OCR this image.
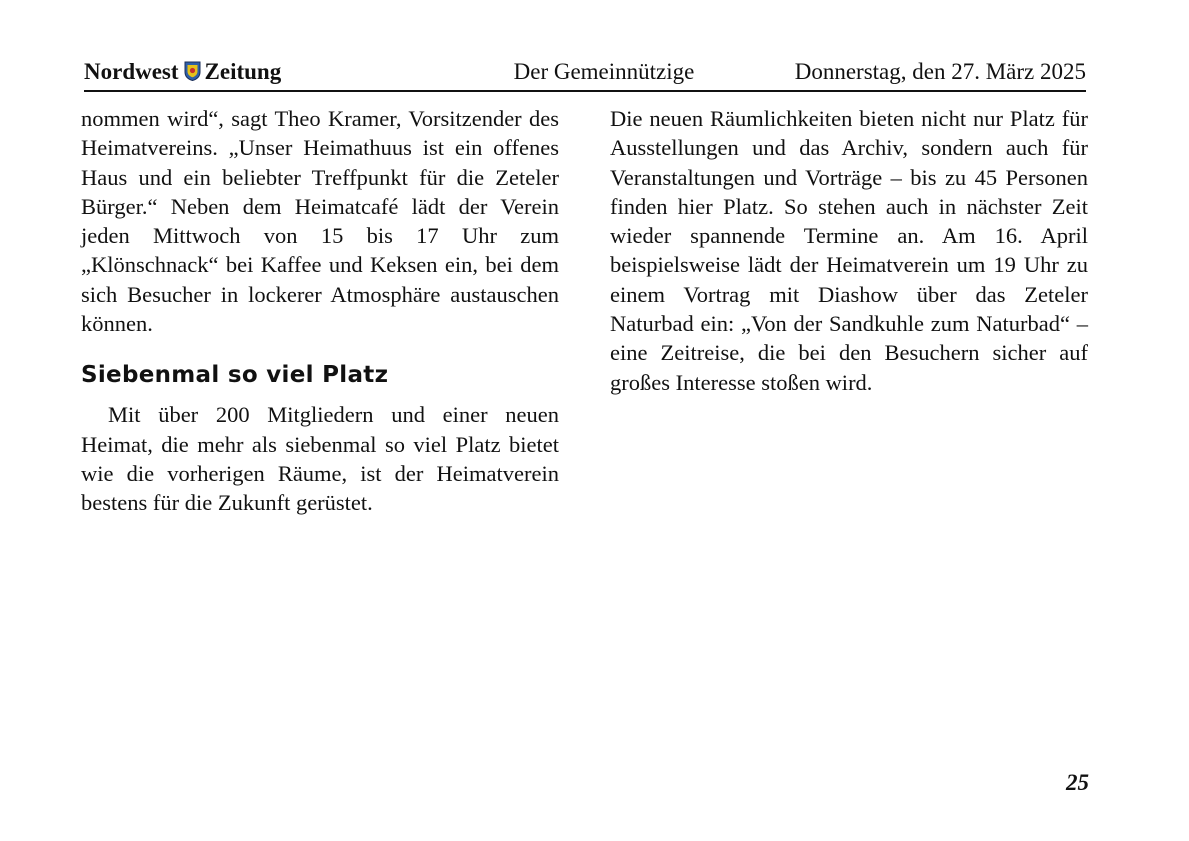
Nordwest Zeitung	Der Gemeinnützige	Donnerstag, den 27. März 2025

nommen wird“, sagt Theo Kramer, Vorsitzender des Heimatvereins. „Unser Heimathuus ist ein offenes Haus und ein beliebter Treffpunkt für die Zeteler Bürger.“ Neben dem Heimatcafé lädt der Verein jeden Mittwoch von 15 bis 17 Uhr zum „Klönschnack“ bei Kaffee und Keksen ein, bei dem sich Besucher in lockerer Atmosphäre austauschen können.

Siebenmal so viel Platz

Mit über 200 Mitgliedern und einer neuen Heimat, die mehr als siebenmal so viel Platz bietet wie die vorherigen Räume, ist der Heimatverein bestens für die Zukunft gerüstet.

Die neuen Räumlichkeiten bieten nicht nur Platz für Ausstellungen und das Archiv, sondern auch für Veranstaltungen und Vorträge – bis zu 45 Personen finden hier Platz. So stehen auch in nächster Zeit wieder spannende Termine an. Am 16. April beispielsweise lädt der Heimatverein um 19 Uhr zu einem Vortrag mit Diashow über das Zeteler Naturbad ein: „Von der Sandkuhle zum Naturbad“ – eine Zeitreise, die bei den Besuchern sicher auf großes Interesse stoßen wird.

25
